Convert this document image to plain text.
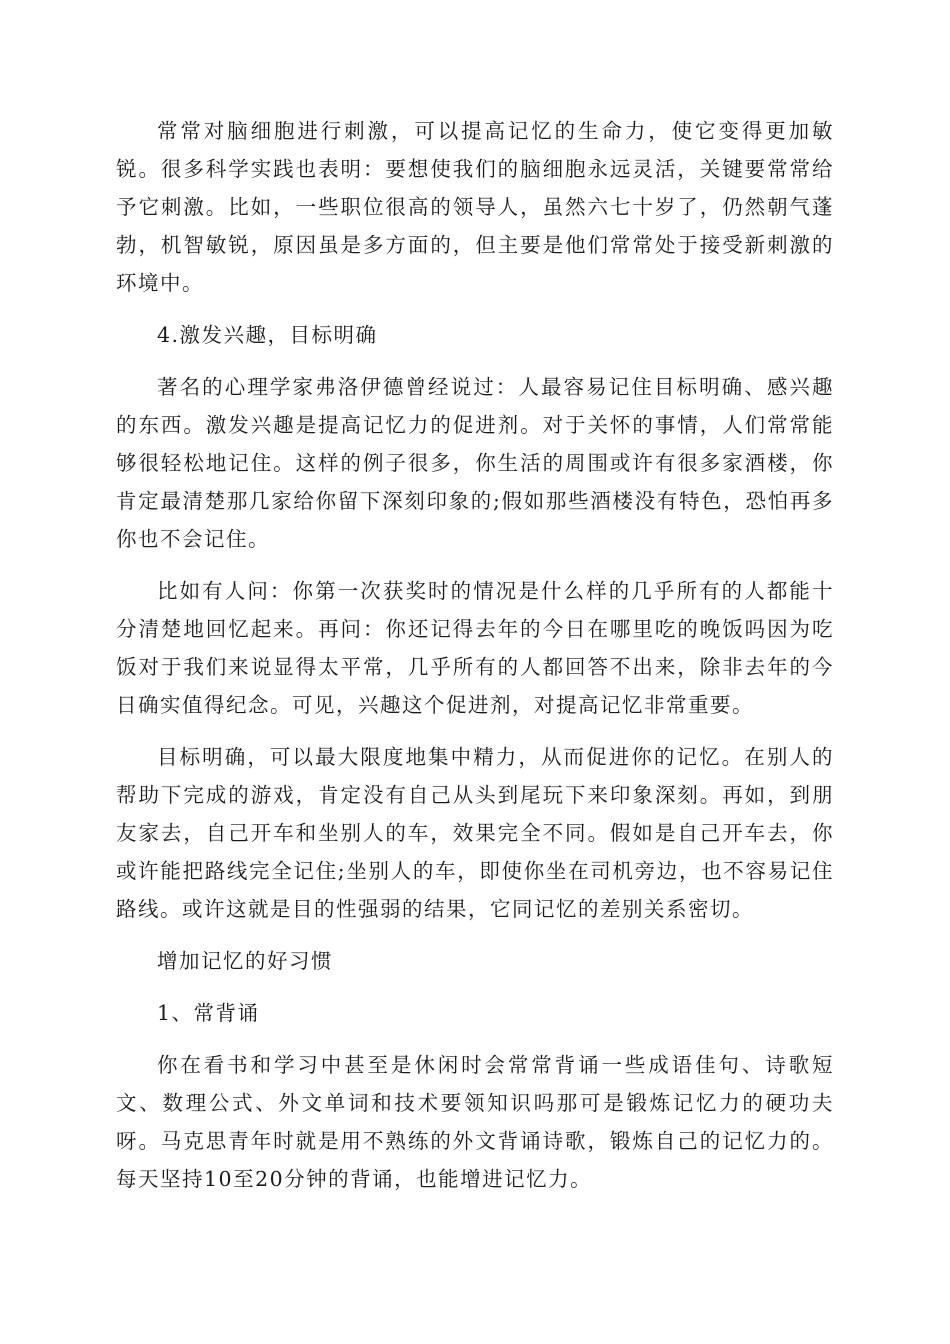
常常对脑细胞进行刺激，可以提高记忆的生命力，使它变得更加敏锐。很多科学实践也表明：要想使我们的脑细胞永远灵活，关键要常常给予它刺激。比如，一些职位很高的领导人，虽然六七十岁了，仍然朝气蓬勃，机智敏锐，原因虽是多方面的，但主要是他们常常处于接受新刺激的环境中。

4.激发兴趣，目标明确

著名的心理学家弗洛伊德曾经说过：人最容易记住目标明确、感兴趣的东西。激发兴趣是提高记忆力的促进剂。对于关怀的事情，人们常常能够很轻松地记住。这样的例子很多，你生活的周围或许有很多家酒楼，你肯定最清楚那几家给你留下深刻印象的;假如那些酒楼没有特色，恐怕再多你也不会记住。

比如有人问：你第一次获奖时的情况是什么样的几乎所有的人都能十分清楚地回忆起来。再问：你还记得去年的今日在哪里吃的晚饭吗因为吃饭对于我们来说显得太平常，几乎所有的人都回答不出来，除非去年的今日确实值得纪念。可见，兴趣这个促进剂，对提高记忆非常重要。

目标明确，可以最大限度地集中精力，从而促进你的记忆。在别人的帮助下完成的游戏，肯定没有自己从头到尾玩下来印象深刻。再如，到朋友家去，自己开车和坐别人的车，效果完全不同。假如是自己开车去，你或许能把路线完全记住;坐别人的车，即使你坐在司机旁边，也不容易记住路线。或许这就是目的性强弱的结果，它同记忆的差别关系密切。

增加记忆的好习惯

1、常背诵

你在看书和学习中甚至是休闲时会常常背诵一些成语佳句、诗歌短文、数理公式、外文单词和技术要领知识吗那可是锻炼记忆力的硬功夫呀。马克思青年时就是用不熟练的外文背诵诗歌，锻炼自己的记忆力的。每天坚持10至20分钟的背诵，也能增进记忆力。
